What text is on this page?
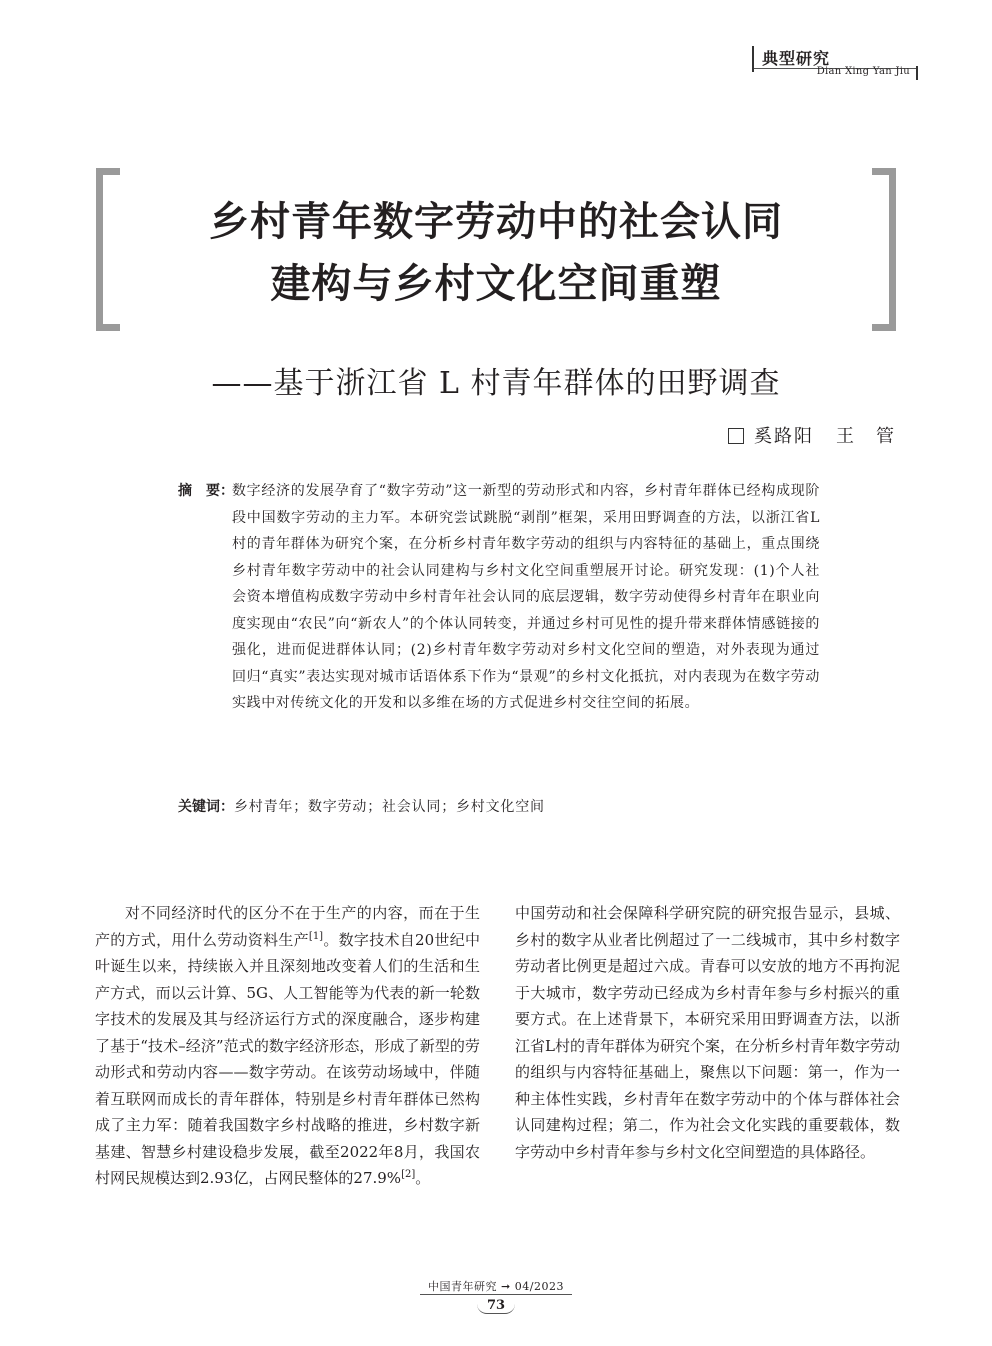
典型研究
Dian Xing Yan Jiu
乡村青年数字劳动中的社会认同
建构与乡村文化空间重塑
——基于浙江省 L 村青年群体的田野调查
奚路阳 王　管
摘　要：
数字经济的发展孕育了“数字劳动”这一新型的劳动形式和内容，乡村青年群体已经构成现阶段中国数字劳动的主力军。本研究尝试跳脱“剥削”框架，采用田野调查的方法，以浙江省L村的青年群体为研究个案，在分析乡村青年数字劳动的组织与内容特征的基础上，重点围绕乡村青年数字劳动中的社会认同建构与乡村文化空间重塑展开讨论。研究发现：(1)个人社会资本增值构成数字劳动中乡村青年社会认同的底层逻辑，数字劳动使得乡村青年在职业向度实现由“农民”向“新农人”的个体认同转变，并通过乡村可见性的提升带来群体情感链接的强化，进而促进群体认同；(2)乡村青年数字劳动对乡村文化空间的塑造，对外表现为通过回归“真实”表达实现对城市话语体系下作为“景观”的乡村文化抵抗，对内表现为在数字劳动实践中对传统文化的开发和以多维在场的方式促进乡村交往空间的拓展。
关键词：乡村青年；数字劳动；社会认同；乡村文化空间
对不同经济时代的区分不在于生产的内容，而在于生产的方式，用什么劳动资料生产[1]。数字技术自20世纪中叶诞生以来，持续嵌入并且深刻地改变着人们的生活和生产方式，而以云计算、5G、人工智能等为代表的新一轮数字技术的发展及其与经济运行方式的深度融合，逐步构建了基于“技术–经济”范式的数字经济形态，形成了新型的劳动形式和劳动内容——数字劳动。在该劳动场域中，伴随着互联网而成长的青年群体，特别是乡村青年群体已然构成了主力军：随着我国数字乡村战略的推进，乡村数字新基建、智慧乡村建设稳步发展，截至2022年8月，我国农村网民规模达到2.93亿，占网民整体的27.9%[2]。
中国劳动和社会保障科学研究院的研究报告显示，县城、乡村的数字从业者比例超过了一二线城市，其中乡村数字劳动者比例更是超过六成。青春可以安放的地方不再拘泥于大城市，数字劳动已经成为乡村青年参与乡村振兴的重要方式。在上述背景下，本研究采用田野调查方法，以浙江省L村的青年群体为研究个案，在分析乡村青年数字劳动的组织与内容特征基础上，聚焦以下问题：第一，作为一种主体性实践，乡村青年在数字劳动中的个体与群体社会认同建构过程；第二，作为社会文化实践的重要载体，数字劳动中乡村青年参与乡村文化空间塑造的具体路径。
中国青年研究 ➞ 04/2023
73
